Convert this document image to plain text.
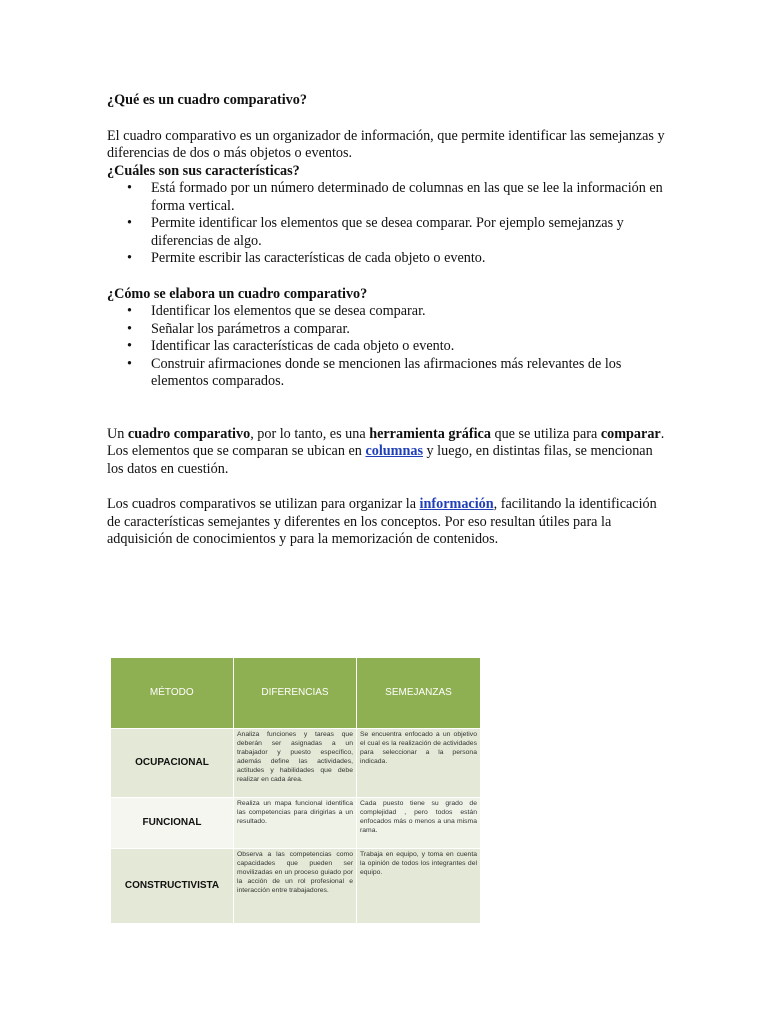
¿Qué es un cuadro comparativo?

El cuadro comparativo es un organizador de información, que permite identificar las semejanzas y diferencias de dos o más objetos o eventos.

¿Cuáles son sus características?
• Está formado por un número determinado de columnas en las que se lee la información en forma vertical.
• Permite identificar los elementos que se desea comparar. Por ejemplo semejanzas y diferencias de algo.
• Permite escribir las características de cada objeto o evento.
¿Cómo se elabora un cuadro comparativo?
• Identificar los elementos que se desea comparar.
• Señalar los parámetros a comparar.
• Identificar las características de cada objeto o evento.
• Construir afirmaciones donde se mencionen las afirmaciones más relevantes de los elementos comparados.

Un cuadro comparativo, por lo tanto, es una herramienta gráfica que se utiliza para comparar. Los elementos que se comparan se ubican en columnas y luego, en distintas filas, se mencionan los datos en cuestión.

Los cuadros comparativos se utilizan para organizar la información, facilitando la identificación de características semejantes y diferentes en los conceptos. Por eso resultan útiles para la adquisición de conocimientos y para la memorización de contenidos.

MÉTODO	DIFERENCIAS	SEMEJANZAS
OCUPACIONAL	Analiza funciones y tareas que deberán ser asignadas a un trabajador y puesto específico, además define las actividades, actitudes y habilidades que debe realizar en cada área.	Se encuentra enfocado a un objetivo el cual es la realización de actividades para seleccionar a la persona indicada.
FUNCIONAL	Realiza un mapa funcional identifica las competencias para dirigirlas a un resultado.	Cada puesto tiene su grado de complejidad , pero todos están enfocados más o menos a una misma rama.
CONSTRUCTIVISTA	Observa a las competencias como capacidades que pueden ser movilizadas en un proceso guiado por la acción de un rol profesional e interacción entre trabajadores.	Trabaja en equipo, y toma en cuenta la opinión de todos los integrantes del equipo.
